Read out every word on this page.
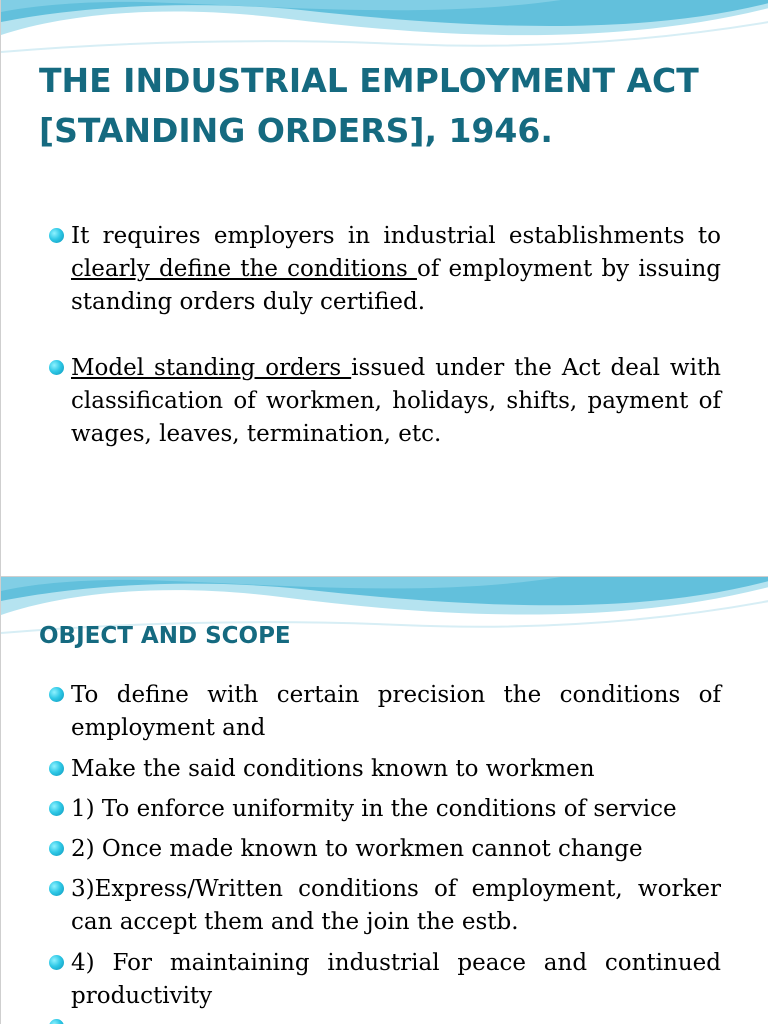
THE INDUSTRIAL EMPLOYMENT ACT
[STANDING ORDERS], 1946.
It requires employers in industrial establishments to clearly define the conditions of employment by issuing standing orders duly certified.
Model standing orders issued under the Act deal with classification of workmen, holidays, shifts, payment of wages, leaves, termination, etc.
OBJECT AND SCOPE
To define with certain precision the conditions of employment and
Make the said conditions known to workmen
1) To enforce uniformity in the conditions of service
2) Once made known to workmen cannot change
3)Express/Written conditions of employment, worker can accept them and the join the estb.
4) For maintaining industrial peace and continued productivity
